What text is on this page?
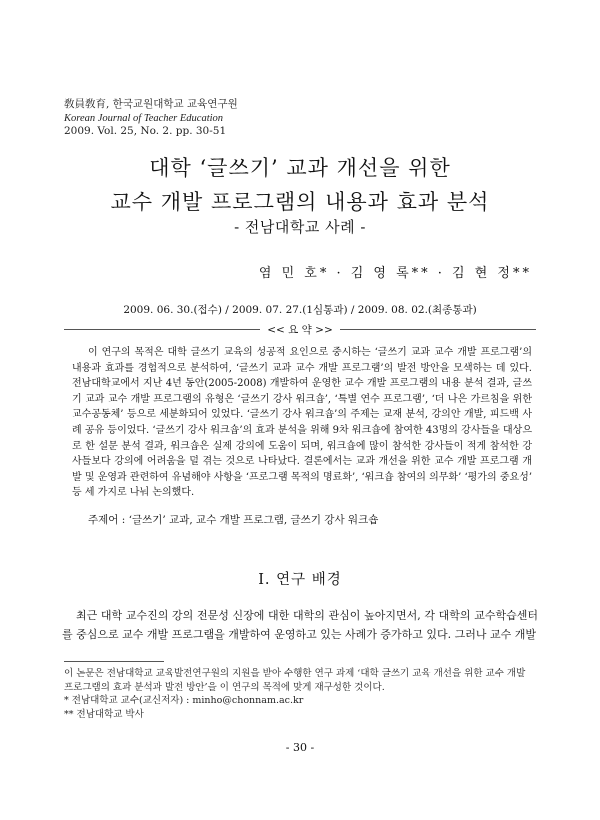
敎員敎育, 한국교원대학교 교육연구원
Korean Journal of Teacher Education
2009. Vol. 25, No. 2. pp. 30-51
대학 ‘글쓰기’ 교과 개선을 위한
교수 개발 프로그램의 내용과 효과 분석
- 전남대학교 사례 -
염 민 호* · 김 영 록** · 김 현 정**
2009. 06. 30.(접수) / 2009. 07. 27.(1심통과) / 2009. 08. 02.(최종통과)
<< 요 약 >>
이 연구의 목적은 대학 글쓰기 교육의 성공적 요인으로 중시하는 ‘글쓰기 교과 교수 개발 프로그램’의 내용과 효과를 경험적으로 분석하여, ‘글쓰기 교과 교수 개발 프로그램’의 발전 방안을 모색하는 데 있다. 전남대학교에서 지난 4년 동안(2005-2008) 개발하여 운영한 교수 개발 프로그램의 내용 분석 결과, 글쓰기 교과 교수 개발 프로그램의 유형은 ‘글쓰기 강사 워크숍’, ‘특별 연수 프로그램’, ‘더 나은 가르침을 위한 교수공동체’ 등으로 세분화되어 있었다. ‘글쓰기 강사 워크숍’의 주제는 교재 분석, 강의안 개발, 피드백 사례 공유 등이었다. ‘글쓰기 강사 워크숍’의 효과 분석을 위해 9차 워크숍에 참여한 43명의 강사들을 대상으로 한 설문 분석 결과, 워크숍은 실제 강의에 도움이 되며, 워크숍에 많이 참석한 강사들이 적게 참석한 강사들보다 강의에 어려움을 덜 겪는 것으로 나타났다. 결론에서는 교과 개선을 위한 교수 개발 프로그램 개발 및 운영과 관련하여 유념해야 사항을 ‘프로그램 목적의 명료화’, ‘워크숍 참여의 의무화’ ‘평가의 중요성’ 등 세 가지로 나눠 논의했다.
주제어 : ‘글쓰기’ 교과, 교수 개발 프로그램, 글쓰기 강사 워크숍
Ⅰ. 연구 배경
최근 대학 교수진의 강의 전문성 신장에 대한 대학의 관심이 높아지면서, 각 대학의 교수학습센터를 중심으로 교수 개발 프로그램을 개발하여 운영하고 있는 사례가 증가하고 있다. 그러나 교수 개발
이 논문은 전남대학교 교육발전연구원의 지원을 받아 수행한 연구 과제 ‘대학 글쓰기 교육 개선을 위한 교수 개발 프로그램의 효과 분석과 발전 방안’을 이 연구의 목적에 맞게 재구성한 것이다.
* 전남대학교 교수(교신저자) : minho@chonnam.ac.kr
** 전남대학교 박사
- 30 -
